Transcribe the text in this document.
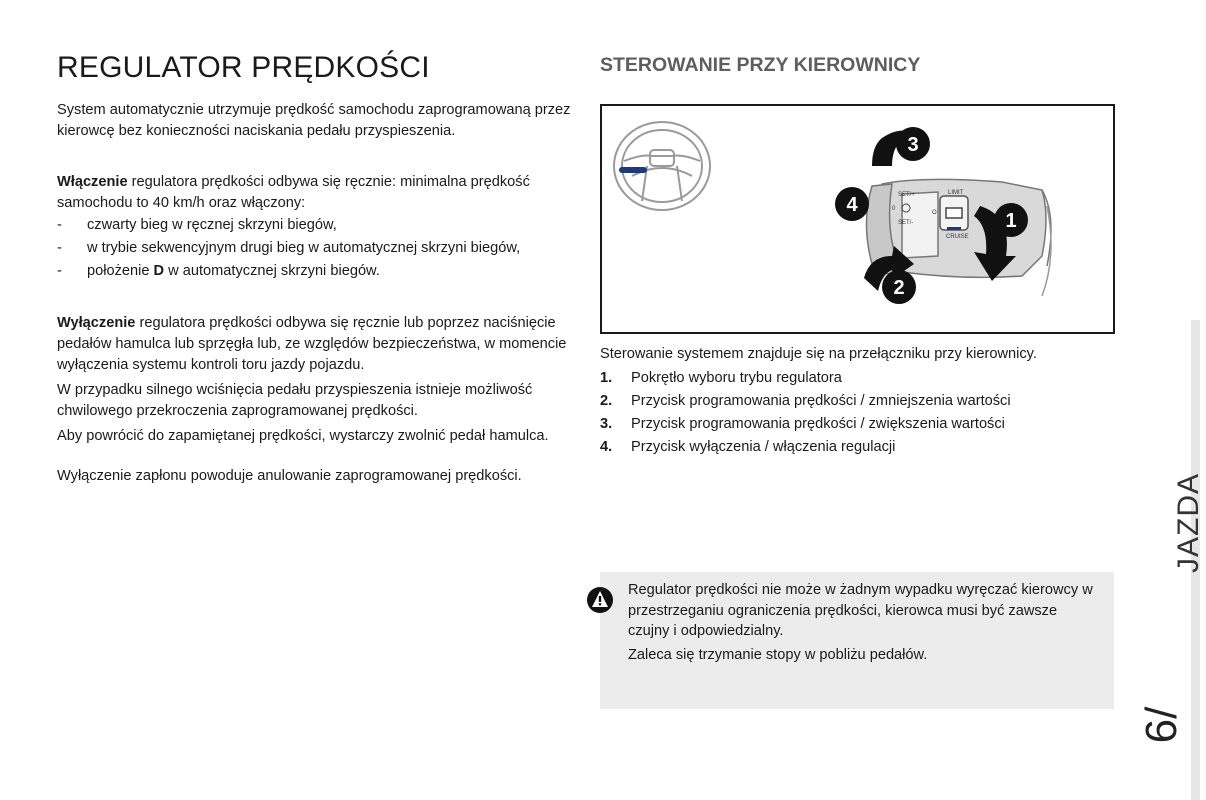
REGULATOR PRĘDKOŚCI

System automatycznie utrzymuje prędkość samochodu zaprogramowaną przez kierowcę bez konieczności naciskania pedału przyspieszenia.

Włączenie regulatora prędkości odbywa się ręcznie: minimalna prędkość samochodu to 40 km/h oraz włączony:

- czwarty bieg w ręcznej skrzyni biegów,
- w trybie sekwencyjnym drugi bieg w automatycznej skrzyni biegów,
- położenie D w automatycznej skrzyni biegów.

Wyłączenie regulatora prędkości odbywa się ręcznie lub poprzez naciśnięcie pedałów hamulca lub sprzęgła lub, ze względów bezpieczeństwa, w momencie wyłączenia systemu kontroli toru jazdy pojazdu.

W przypadku silnego wciśnięcia pedału przyspieszenia istnieje możliwość chwilowego przekroczenia zaprogramowanej prędkości.

Aby powrócić do zapamiętanej prędkości, wystarczy zwolnić pedał hamulca.

Wyłączenie zapłonu powoduje anulowanie zaprogramowanej prędkości.

STEROWANIE PRZY KIEROWNICY
SET/+
SET/-
LIMIT
CRUISE
O
0
1
2
3
4

Sterowanie systemem znajduje się na przełączniku przy kierownicy.

1. Pokrętło wyboru trybu regulatora
2. Przycisk programowania prędkości / zmniejszenia wartości
3. Przycisk programowania prędkości / zwiększenia wartości
4. Przycisk wyłączenia / włączenia regulacji

Regulator prędkości nie może w żadnym wypadku wyręczać kierowcy w przestrzeganiu ograniczenia prędkości, kierowca musi być zawsze czujny i odpowiedzialny.

Zaleca się trzymanie stopy w pobliżu pedałów.

JAZDA
6/
